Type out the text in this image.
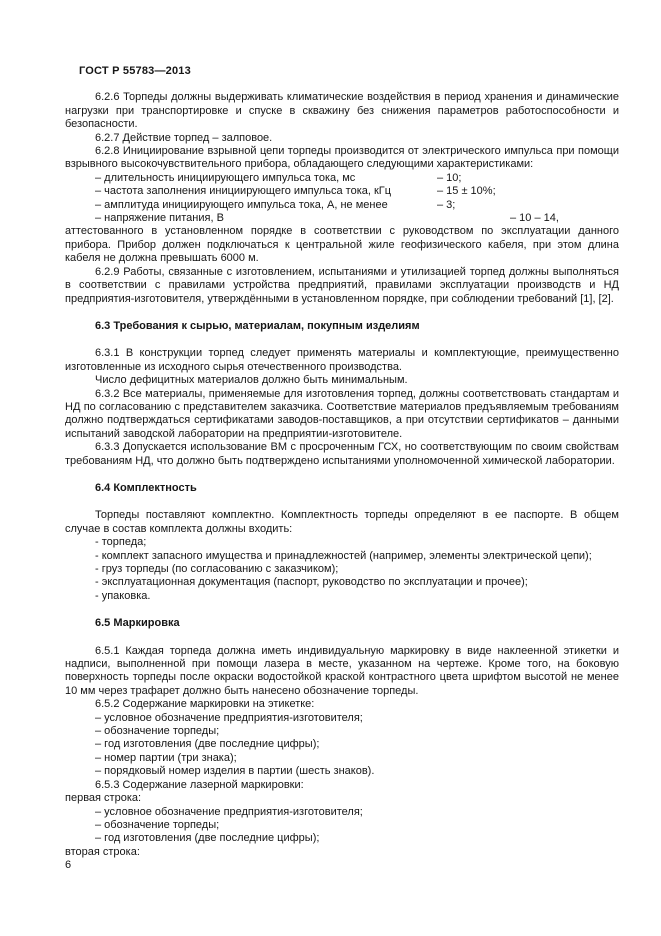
ГОСТ Р 55783—2013

6.2.6 Торпеды должны выдерживать климатические воздействия в период хранения и динамические нагрузки при транспортировке и спуске в скважину без снижения параметров работоспособности и безопасности.

6.2.7 Действие торпед – залповое.

6.2.8 Инициирование взрывной цепи торпеды производится от электрического импульса при помощи взрывного высокочувствительного прибора, обладающего следующими характеристиками:

– длительность инициирующего импульса тока, мс	– 10;
– частота заполнения инициирующего импульса тока, кГц	– 15 ± 10%;
– амплитуда инициирующего импульса тока, А, не менее	– 3;
– напряжение питания, В	– 10 – 14,

аттестованного в установленном порядке в соответствии с руководством по эксплуатации данного прибора. Прибор должен подключаться к центральной жиле геофизического кабеля, при этом длина кабеля не должна превышать 6000 м.

6.2.9 Работы, связанные с изготовлением, испытаниями и утилизацией торпед должны выполняться в соответствии с правилами устройства предприятий, правилами эксплуатации производств и НД предприятия-изготовителя, утверждёнными в установленном порядке, при соблюдении требований [1], [2].

6.3 Требования к сырью, материалам, покупным изделиям

6.3.1 В конструкции торпед следует применять материалы и комплектующие, преимущественно изготовленные из исходного сырья отечественного производства.

Число дефицитных материалов должно быть минимальным.

6.3.2 Все материалы, применяемые для изготовления торпед, должны соответствовать стандартам и НД по согласованию с представителем заказчика. Соответствие материалов предъявляемым требованиям должно подтверждаться сертификатами заводов-поставщиков, а при отсутствии сертификатов – данными испытаний заводской лаборатории на предприятии-изготовителе.

6.3.3 Допускается использование ВМ с просроченным ГСХ, но соответствующим по своим свойствам требованиям НД, что должно быть подтверждено испытаниями уполномоченной химической лаборатории.

6.4 Комплектность

Торпеды поставляют комплектно. Комплектность торпеды определяют в ее паспорте. В общем случае в состав комплекта должны входить:

- торпеда;

- комплект запасного имущества и принадлежностей (например, элементы электрической цепи);

- груз торпеды (по согласованию с заказчиком);

- эксплуатационная документация (паспорт, руководство по эксплуатации и прочее);

- упаковка.

6.5 Маркировка

6.5.1 Каждая торпеда должна иметь индивидуальную маркировку в виде наклеенной этикетки и надписи, выполненной при помощи лазера в месте, указанном на чертеже. Кроме того, на боковую поверхность торпеды после окраски водостойкой краской контрастного цвета шрифтом высотой не менее 10 мм через трафарет должно быть нанесено обозначение торпеды.

6.5.2 Содержание маркировки на этикетке:

– условное обозначение предприятия-изготовителя;

– обозначение торпеды;

– год изготовления (две последние цифры);

– номер партии (три знака);

– порядковый номер изделия в партии (шесть знаков).

6.5.3 Содержание лазерной маркировки:

первая строка:

– условное обозначение предприятия-изготовителя;

– обозначение торпеды;

– год изготовления (две последние цифры);

вторая строка:

6
